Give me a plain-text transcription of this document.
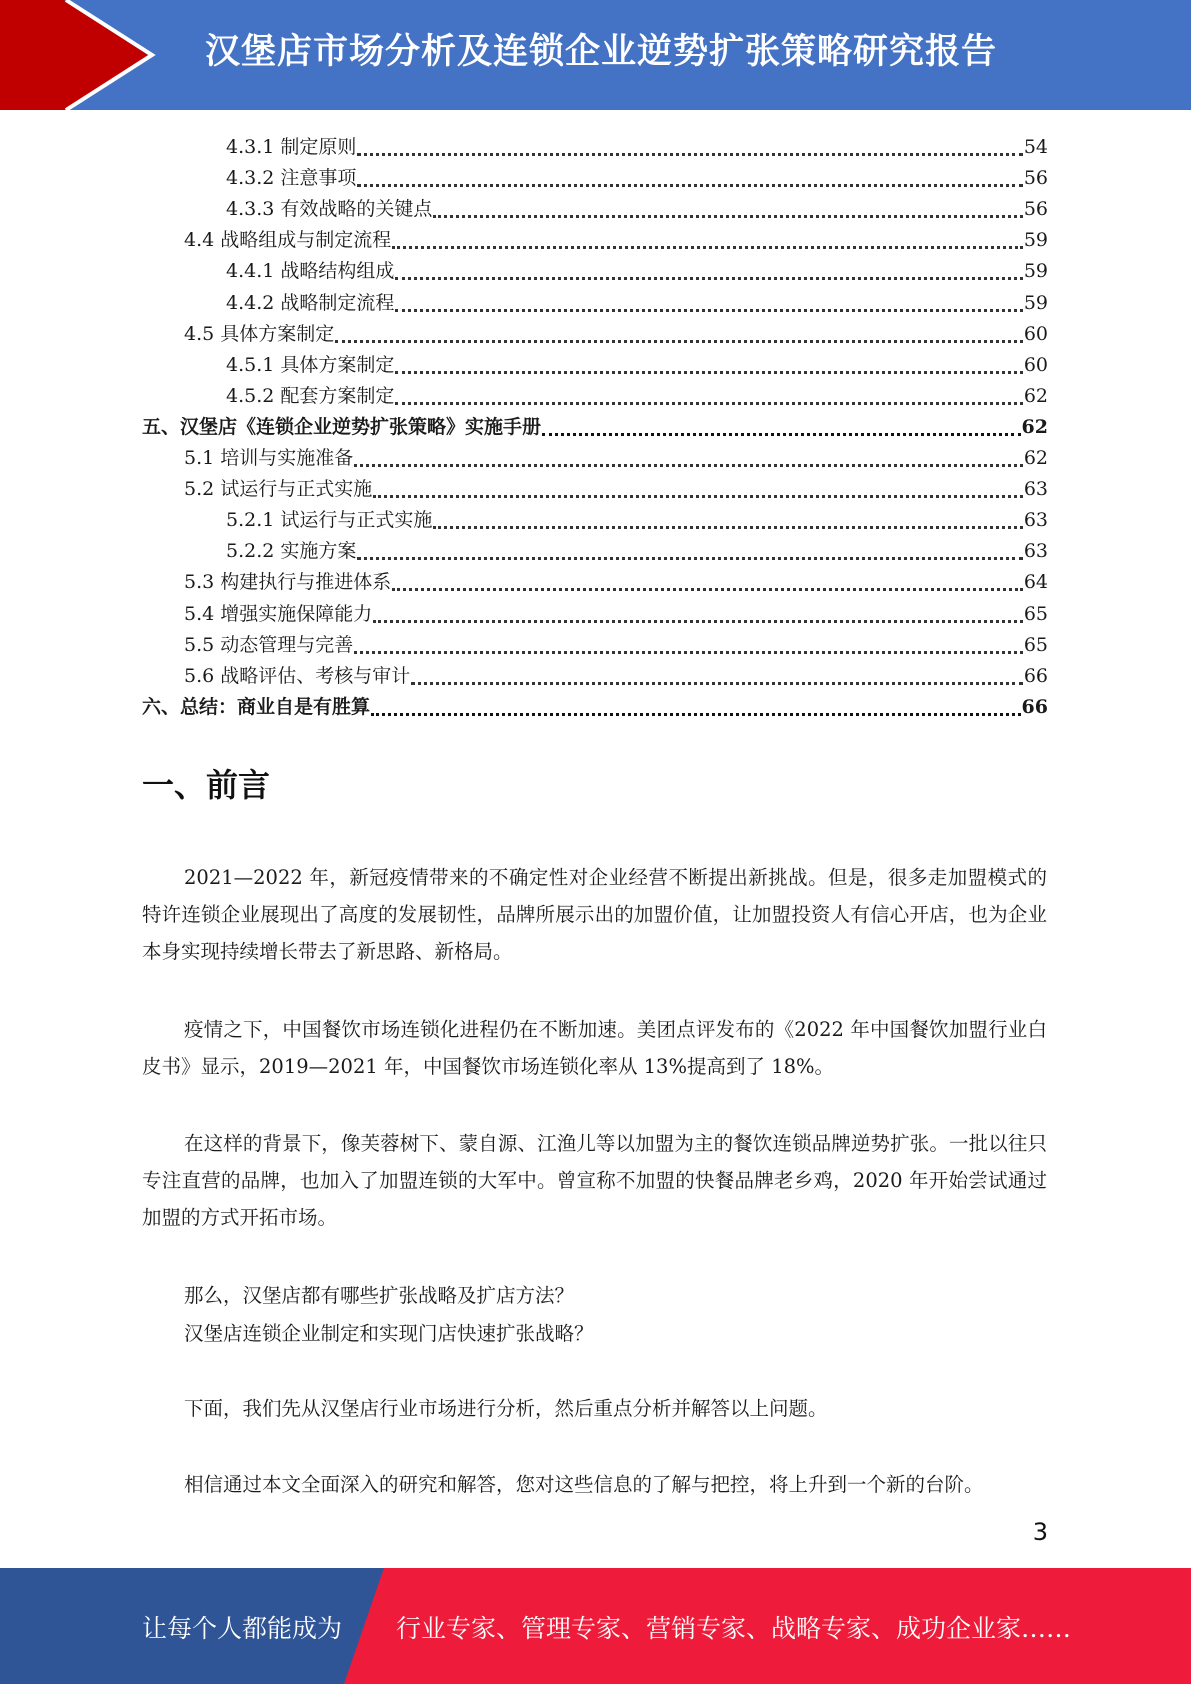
汉堡店市场分析及连锁企业逆势扩张策略研究报告
4.3.1 制定原则	54
4.3.2 注意事项	56
4.3.3 有效战略的关键点	56
4.4 战略组成与制定流程	59
4.4.1 战略结构组成	59
4.4.2 战略制定流程	59
4.5 具体方案制定	60
4.5.1 具体方案制定	60
4.5.2 配套方案制定	62
五、汉堡店《连锁企业逆势扩张策略》实施手册	62
5.1 培训与实施准备	62
5.2 试运行与正式实施	63
5.2.1 试运行与正式实施	63
5.2.2 实施方案	63
5.3 构建执行与推进体系	64
5.4 增强实施保障能力	65
5.5 动态管理与完善	65
5.6 战略评估、考核与审计	66
六、总结：商业自是有胜算	66
一、前言
2021—2022 年，新冠疫情带来的不确定性对企业经营不断提出新挑战。但是，很多走加盟模式的特许连锁企业展现出了高度的发展韧性，品牌所展示出的加盟价值，让加盟投资人有信心开店，也为企业本身实现持续增长带去了新思路、新格局。
疫情之下，中国餐饮市场连锁化进程仍在不断加速。美团点评发布的《2022 年中国餐饮加盟行业白皮书》显示，2019—2021 年，中国餐饮市场连锁化率从 13%提高到了 18%。
在这样的背景下，像芙蓉树下、蒙自源、江渔儿等以加盟为主的餐饮连锁品牌逆势扩张。一批以往只专注直营的品牌，也加入了加盟连锁的大军中。曾宣称不加盟的快餐品牌老乡鸡，2020 年开始尝试通过加盟的方式开拓市场。
那么，汉堡店都有哪些扩张战略及扩店方法？
汉堡店连锁企业制定和实现门店快速扩张战略？
下面，我们先从汉堡店行业市场进行分析，然后重点分析并解答以上问题。
相信通过本文全面深入的研究和解答，您对这些信息的了解与把控，将上升到一个新的台阶。
3
让每个人都能成为 行业专家、管理专家、营销专家、战略专家、成功企业家……
